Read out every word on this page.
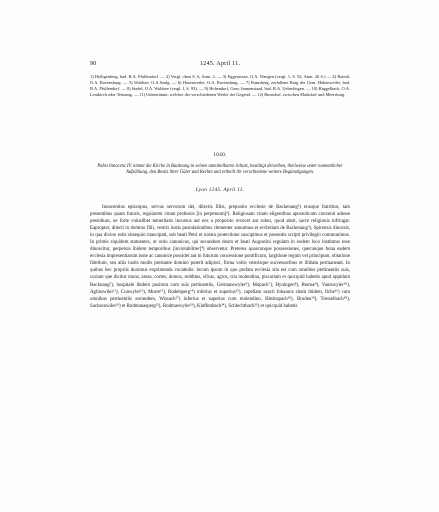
90	1245. April 11.
1) Heiligenberg, bad. B.A. Pfullendorf. — 2) Vergl. oben S. 6, Anm. 2. — 3) Eggenroute, O.A. Wangen (vergl. 1, S. 92, Anm. 26 S.) — 4) Baindt, O.A. Ravensburg. — 5) Waldsee, O.A.Saulg. — 6) Hasenweiler, O.A. Ravensburg. — 7) Ramsberg, zerfallene Burg der Gem. Haltenweiler, bad. B.A. Pfullendorf. — 8) Stadel, O.A. Waldsee (vergl. I, S. 93). — 9) Hohendorf, Gem. Immenstaad, bad. B.A. Ueberlingen. — 10) Haggelbach, O.A. Leutkirch oder Tettnang. — 11) Unbestimmt, welcher der verschiedenen Weiler der Gegend. — 12) Bimsdorf, zwischen Markdorf und Meersburg.
1040.
Pabst Innocenz IV. nimmt die Kirche in Backnang in seinen unmittelbaren Schutz, bestätigt derselben, theilweise unter namentlicher Aufzählung, den Besitz ihrer Güter und Rechte und ertheilt ihr verschiedene weitere Begünstigungen.
Lyon 1245. April 11.

Innocentius episcopus, servus servorum dei, dilectis filiis, preposito ecclesie de Backenang¹) eiusque fratribus, tam presentibus quam futuris, regularem vitam professis [in perpetuum]²). Religiosam vitam eligentibus apostolicum convenit adesse presidium, ne forte cuiuslibet temeritatis incursus aut eos a proposito revocet aut robur, quod absit, sacre religionis infringat. Eapropter, dilecti in domino filii, vestris iustis postulationibus clementer annuimus et ecclesiam de Backenang³), Spirensis diocesis, in qua divino estis obsequio mancipati, sub beati Petri et nostra protectione suscipimus et presentis scripti privilegio communimus. In primis siquidem statuentes, ut ordo canonicus, qui secundum deum et beati Augustini regulam in eodem loco institutus esse dinoscitur, perpetuis ibidem temporibus [inviolabiliter]⁴) observetur. Preterea quascunque possessiones, quecunque bona eadem ecclesia impresentiarum iuste ac canonice possidet aut in futurum concessione pontificum, largitione regum vel principum, oblatione fidelium, seu aliis iustis modis prestante domino poterit adipisci, firma vobis vestrisque successoribus et illibata permaneant. In quibus hec propriis duximus exprimenda vocabulis: locum ipsum in quo prefata ecclesia sita est cum omnibus pertinentiis suis, curiam que dicitur mons, areas, cortes, domos, redditus, silvas, agros, tria molendina, piscariam et quicquid habetis apud oppidum Backnang⁵), hospitale ibidem positum cum suis pertinentiis, Germanswyler⁶), Mupach⁷), Hyningen⁸), Remse⁹), Vautswyler¹⁰), Aglinswiler¹¹), Conwyler¹²), Murre¹³), Rodelsperg¹⁴) inferius et superius¹⁵), capellam sancti Iohannis sitam ibidem, Ilche¹⁶) cum omnibus pertinentiis eorundem, Wissach¹⁷) inferius et superius cum molendino, Hittinspach¹⁸), Bruden¹⁹), Tresselbach²⁰), Sachsenwiler²¹) et Rodmanasperg²²), Rodmaswyler²³), Klaffenbach²⁴), Schlechtbach²⁵) et quicquid habetis
